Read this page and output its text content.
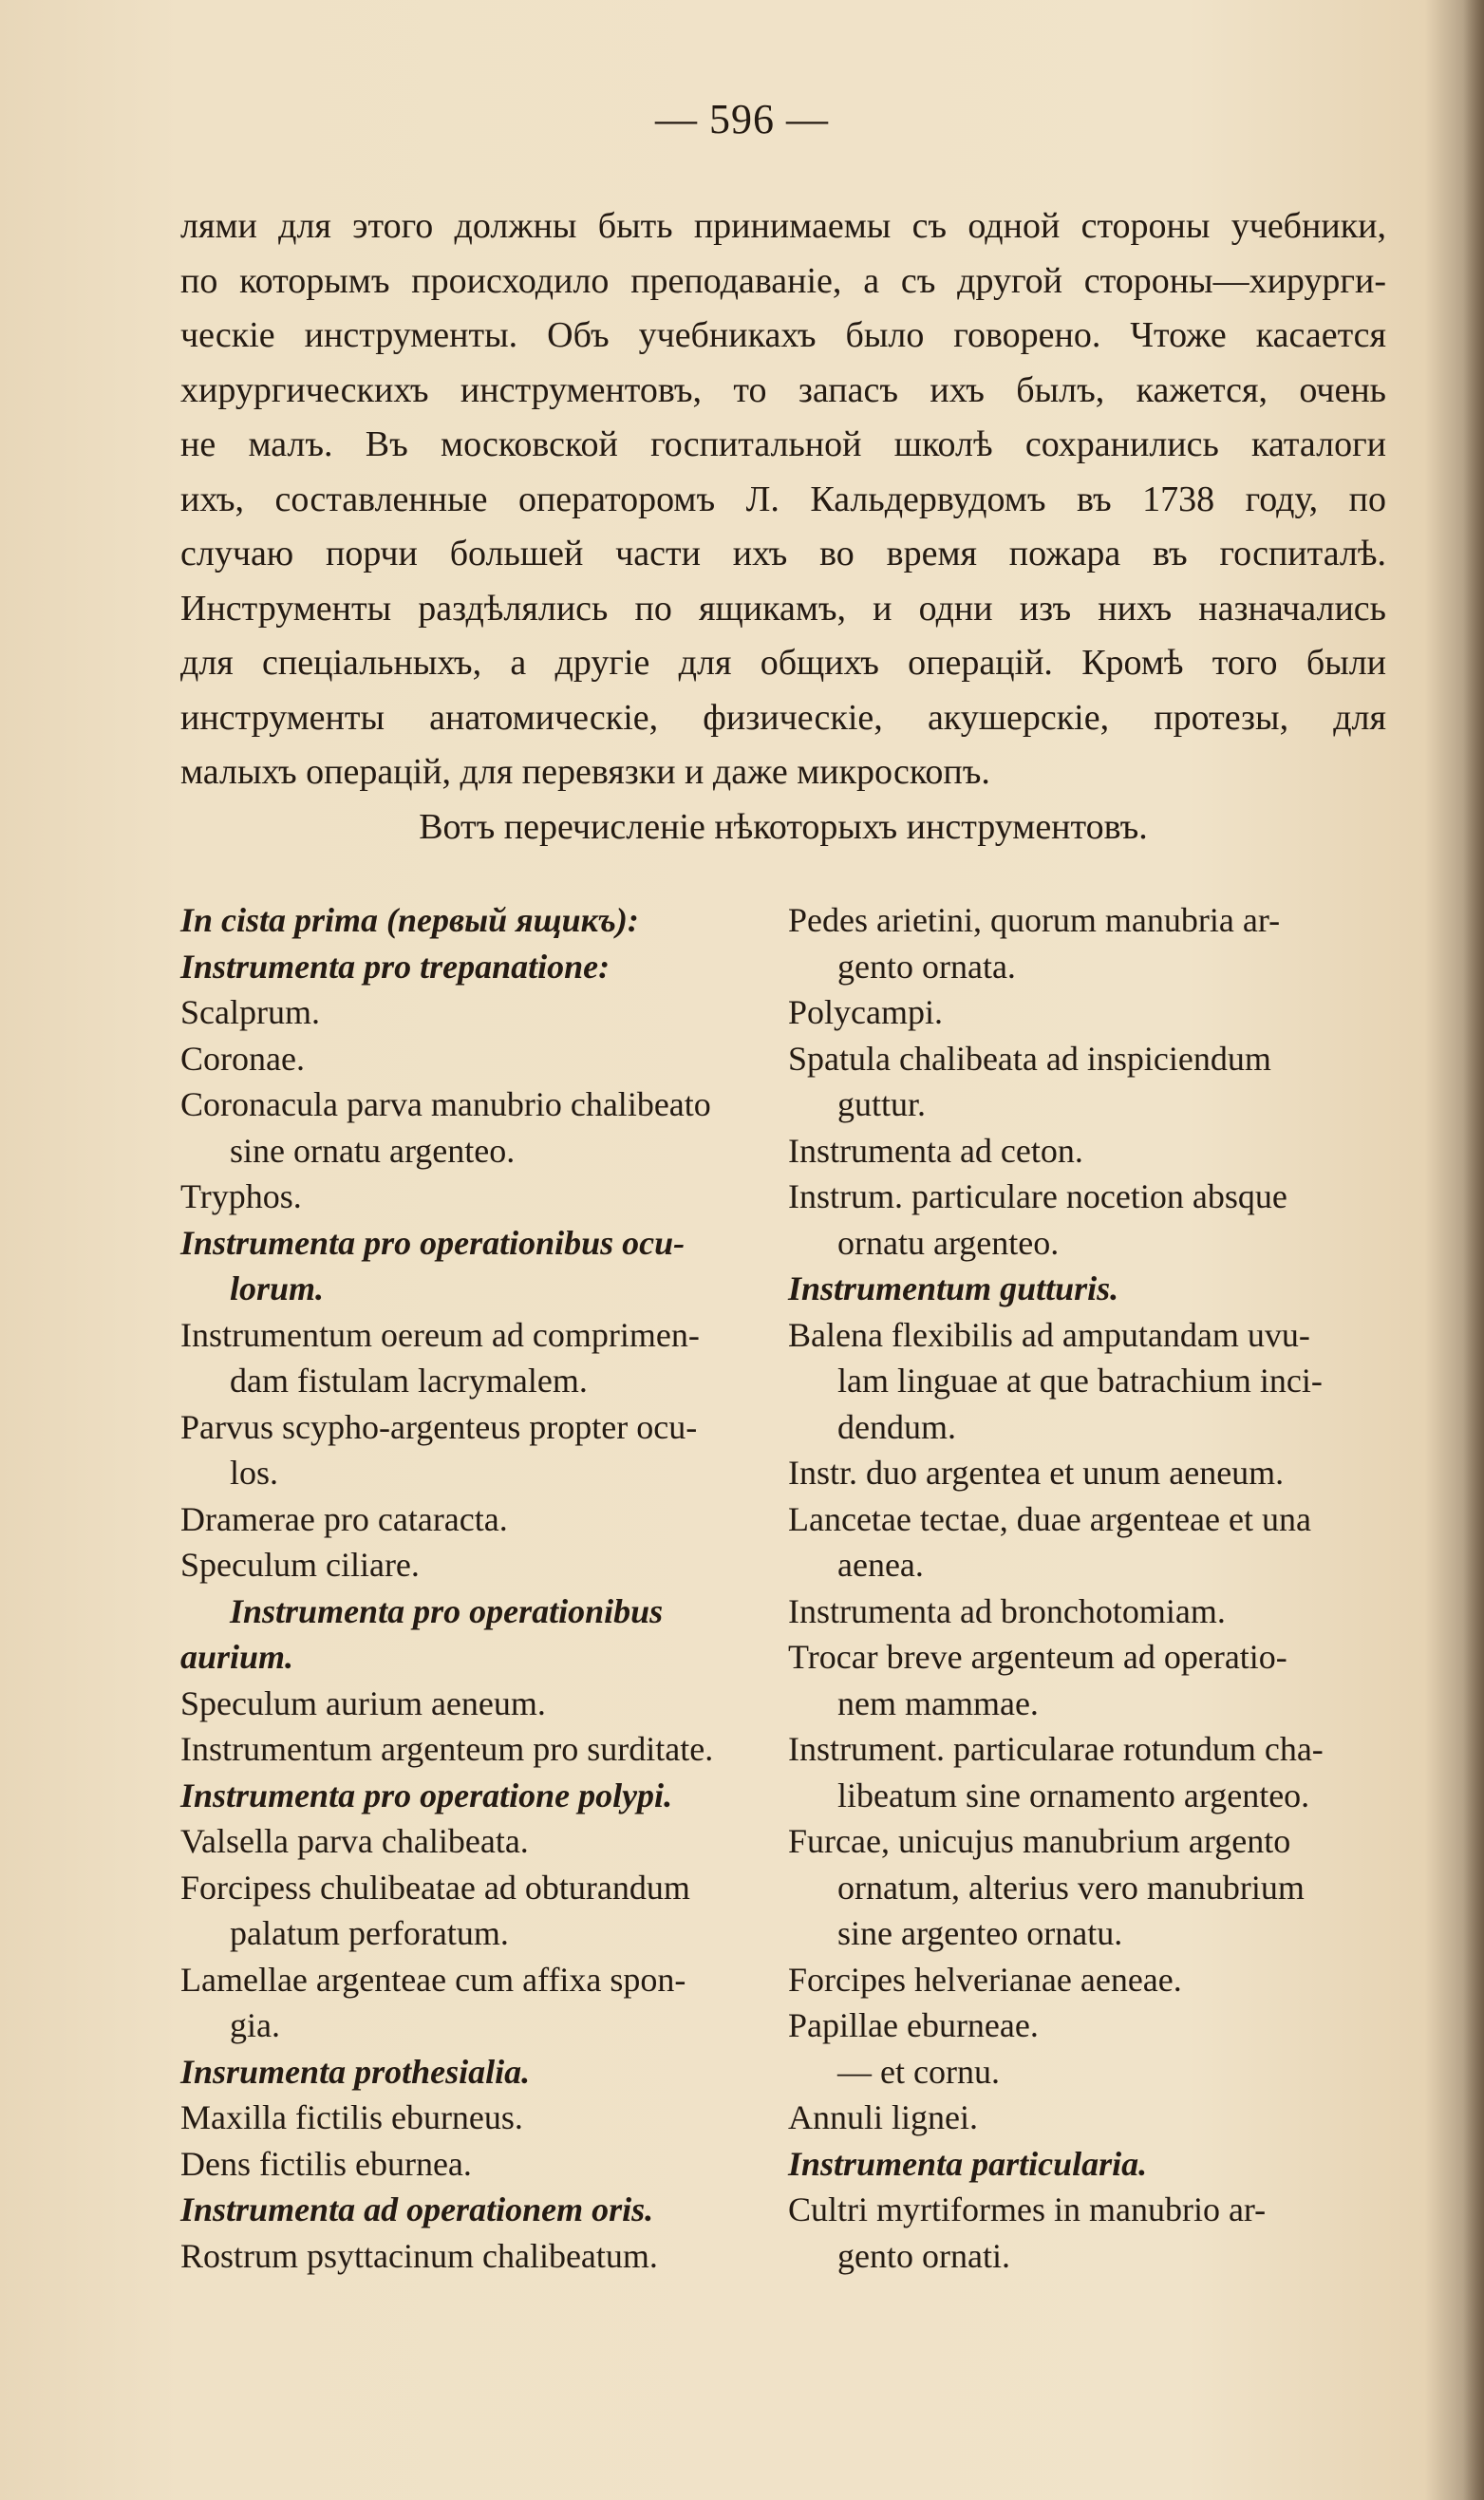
— 596 —
лями для этого должны быть принимаемы съ одной стороны учебники,
по которымъ происходило преподаванiе, а съ другой стороны—хирурги-
ческiе инструменты. Объ учебникахъ было говорено. Чтоже касается
хирургическихъ инструментовъ, то запасъ ихъ былъ, кажется, очень
не малъ. Въ московской госпитальной школѣ сохранились каталоги
ихъ, составленные операторомъ Л. Кальдервудомъ въ 1738 году, по
случаю порчи большей части ихъ во время пожара въ госпиталѣ.
Инструменты раздѣлялись по ящикамъ, и одни изъ нихъ назначались
для спецiальныхъ, а другiе для общихъ операцiй. Кромѣ того были
инструменты анатомическiе, физическiе, акушерскiе, протезы, для
малыхъ операцiй, для перевязки и даже микроскопъ.
Вотъ перечисленiе нѣкоторыхъ инструментовъ.
In cista prima (первый ящикъ):
Instrumenta pro trepanatione:
Scalprum.
Coronae.
Coronacula parva manubrio chalibeato
sine ornatu argenteo.
Tryphos.
Instrumenta pro operationibus ocu-
lorum.
Instrumentum oereum ad comprimen-
dam fistulam lacrymalem.
Parvus scypho-argenteus propter ocu-
los.
Dramerae pro cataracta.
Speculum ciliare.
Instrumenta pro operationibus
aurium.
Speculum aurium aeneum.
Instrumentum argenteum pro surditate.
Instrumenta pro operatione polypi.
Valsella parva chalibeata.
Forcipess chulibeatae ad obturandum
palatum perforatum.
Lamellae argenteae cum affixa spon-
gia.
Insrumenta prothesialia.
Maxilla fictilis eburneus.
Dens fictilis eburnea.
Instrumenta ad operationem oris.
Rostrum psyttacinum chalibeatum.
Pedes arietini, quorum manubria ar-
gento ornata.
Polycampi.
Spatula chalibeata ad inspiciendum
guttur.
Instrumenta ad ceton.
Instrum. particulare nocetion absque
ornatu argenteo.
Instrumentum gutturis.
Balena flexibilis ad amputandam uvu-
lam linguae at que batrachium inci-
dendum.
Instr. duo argentea et unum aeneum.
Lancetae tectae, duae argenteae et una
aenea.
Instrumenta ad bronchotomiam.
Trocar breve argenteum ad operatio-
nem mammae.
Instrument. particularae rotundum cha-
libeatum sine ornamento argenteo.
Furcae, unicujus manubrium argento
ornatum, alterius vero manubrium
sine argenteo ornatu.
Forcipes helverianae aeneae.
Papillae eburneae.
— et cornu.
Annuli lignei.
Instrumenta particularia.
Cultri myrtiformes in manubrio ar-
gento ornati.
